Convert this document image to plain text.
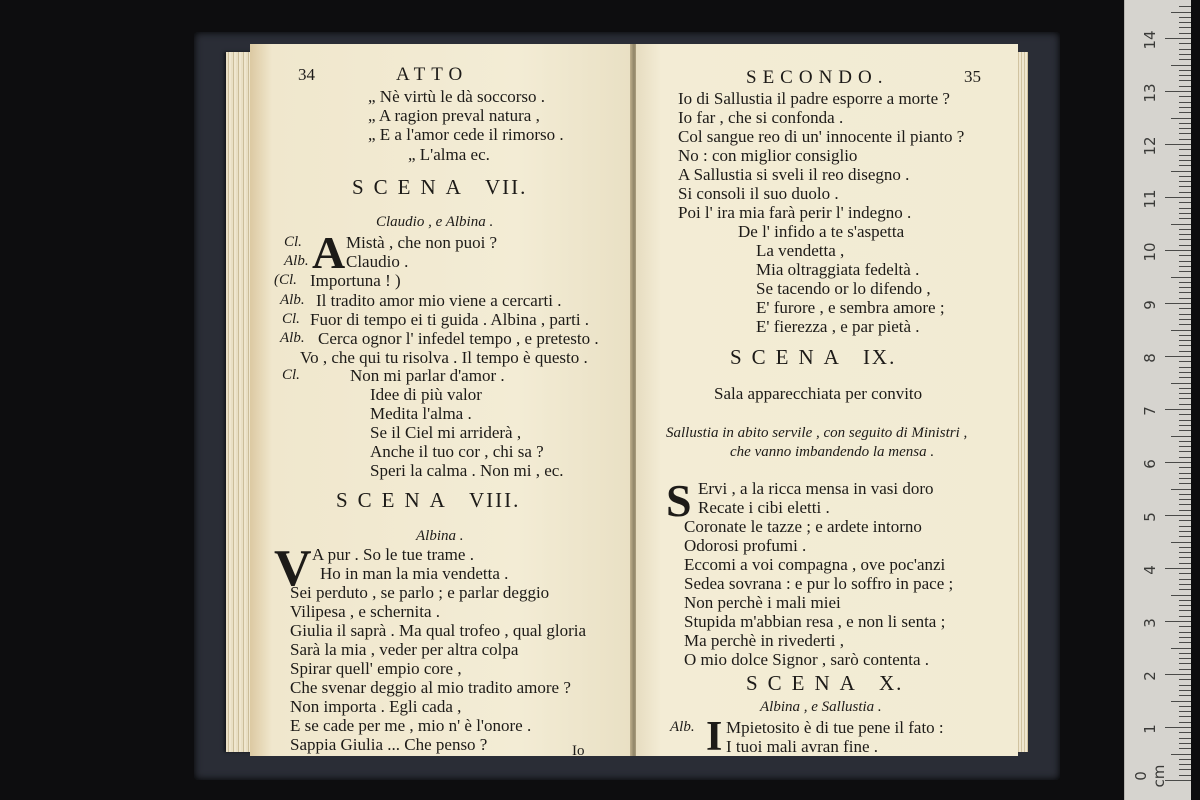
34	ATTO
„ Nè virtù le dà soccorso .
„ A ragion preval natura ,
„ E a l'amor cede il rimorso .
„ L'alma ec.
SCENA VII.
Claudio , e Albina .
Cl. A Mistà , che non puoi ?
Alb. Claudio .
(Cl. Importuna ! )
Alb. Il tradito amor mio viene a cercarti .
Cl. Fuor di tempo ei ti guida . Albina , parti .
Alb. Cerca ognor l' infedel tempo , e pretesto .
Vo , che qui tu risolva . Il tempo è questo .
Cl.	Non mi parlar d'amor .
Idee di più valor
Medita l'alma .
Se il Ciel mi arriderà ,
Anche il tuo cor , chi sa ?
Speri la calma . Non mi , ec.
SCENA VIII.
Albina .
V A pur . So le tue trame .
Ho in man la mia vendetta .
Sei perduto , se parlo ; e parlar deggio
Vilipesa , e schernita .
Giulia il saprà . Ma qual trofeo , qual gloria
Sarà la mia , veder per altra colpa
Spirar quell' empio core ,
Che svenar deggio al mio tradito amore ?
Non importa . Egli cada ,
E se cade per me , mio n' è l'onore .
Sappia Giulia ... Che penso ?	Io
SECONDO.	35
Io di Sallustia il padre esporre a morte ?
Io far , che si confonda .
Col sangue reo di un' innocente il pianto ?
No : con miglior consiglio
A Sallustia si sveli il reo disegno .
Si consoli il suo duolo .
Poi l' ira mia farà perir l' indegno .
De l' infido a te s'aspetta
La vendetta ,
Mia oltraggiata fedeltà .
Se tacendo or lo difendo ,
E' furore , e sembra amore ;
E' fierezza , e par pietà .
SCENA IX.
Sala apparecchiata per convito
Sallustia in abito servile , con seguito di Ministri ,
che vanno imbandendo la mensa .
S Ervi , a la ricca mensa in vasi doro
Recate i cibi eletti .
Coronate le tazze ; e ardete intorno
Odorosi profumi .
Eccomi a voi compagna , ove poc'anzi
Sedea sovrana : e pur lo soffro in pace ;
Non perchè i mali miei
Stupida m'abbian resa , e non li senta ;
Ma perchè in rivederti ,
O mio dolce Signor , sarò contenta .
SCENA X.
Albina , e Sallustia .
Alb. I Mpietosito è di tue pene il fato :
I tuoi mali avran fine .
0 cm
1
2
3
4
5
6
7
8
9
10
11
12
13
14
